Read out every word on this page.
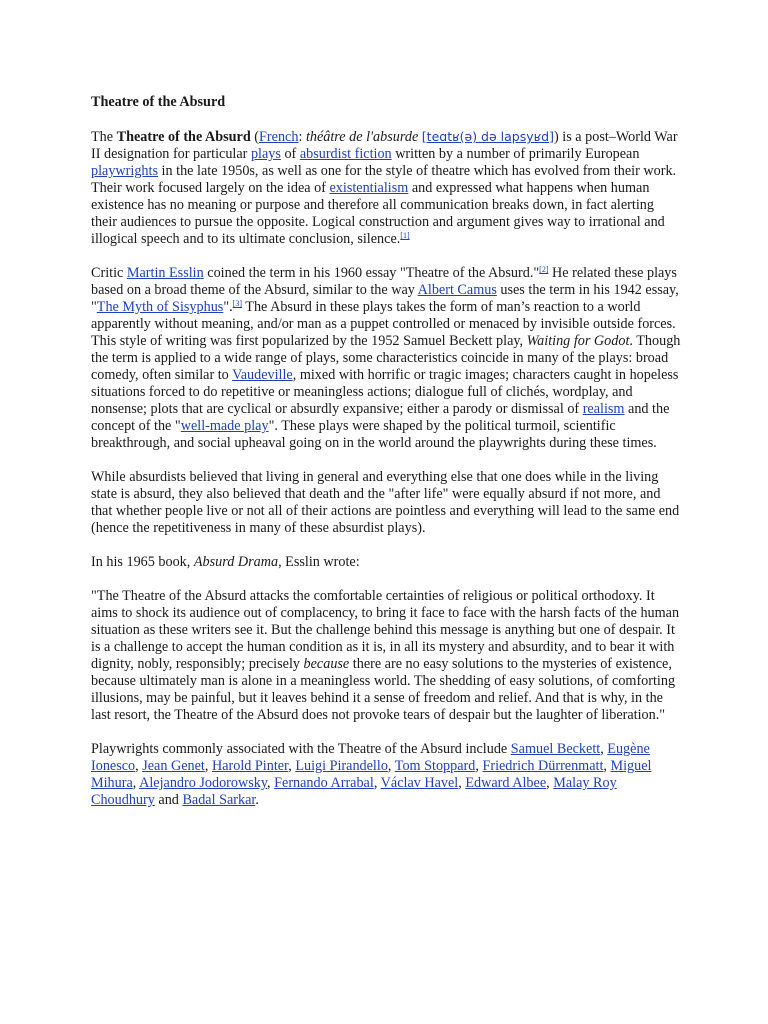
Theatre of the Absurd

The Theatre of the Absurd (French: théâtre de l'absurde [teɑtʁ(ə) də lapsyʁd]) is a post–World War II designation for particular plays of absurdist fiction written by a number of primarily European playwrights in the late 1950s, as well as one for the style of theatre which has evolved from their work. Their work focused largely on the idea of existentialism and expressed what happens when human existence has no meaning or purpose and therefore all communication breaks down, in fact alerting their audiences to pursue the opposite. Logical construction and argument gives way to irrational and illogical speech and to its ultimate conclusion, silence.[1]

Critic Martin Esslin coined the term in his 1960 essay "Theatre of the Absurd."[2] He related these plays based on a broad theme of the Absurd, similar to the way Albert Camus uses the term in his 1942 essay, "The Myth of Sisyphus".[3] The Absurd in these plays takes the form of man’s reaction to a world apparently without meaning, and/or man as a puppet controlled or menaced by invisible outside forces. This style of writing was first popularized by the 1952 Samuel Beckett play, Waiting for Godot. Though the term is applied to a wide range of plays, some characteristics coincide in many of the plays: broad comedy, often similar to Vaudeville, mixed with horrific or tragic images; characters caught in hopeless situations forced to do repetitive or meaningless actions; dialogue full of clichés, wordplay, and nonsense; plots that are cyclical or absurdly expansive; either a parody or dismissal of realism and the concept of the "well-made play". These plays were shaped by the political turmoil, scientific breakthrough, and social upheaval going on in the world around the playwrights during these times.

While absurdists believed that living in general and everything else that one does while in the living state is absurd, they also believed that death and the "after life" were equally absurd if not more, and that whether people live or not all of their actions are pointless and everything will lead to the same end (hence the repetitiveness in many of these absurdist plays).

In his 1965 book, Absurd Drama, Esslin wrote:

"The Theatre of the Absurd attacks the comfortable certainties of religious or political orthodoxy. It aims to shock its audience out of complacency, to bring it face to face with the harsh facts of the human situation as these writers see it. But the challenge behind this message is anything but one of despair. It is a challenge to accept the human condition as it is, in all its mystery and absurdity, and to bear it with dignity, nobly, responsibly; precisely because there are no easy solutions to the mysteries of existence, because ultimately man is alone in a meaningless world. The shedding of easy solutions, of comforting illusions, may be painful, but it leaves behind it a sense of freedom and relief. And that is why, in the last resort, the Theatre of the Absurd does not provoke tears of despair but the laughter of liberation."

Playwrights commonly associated with the Theatre of the Absurd include Samuel Beckett, Eugène Ionesco, Jean Genet, Harold Pinter, Luigi Pirandello, Tom Stoppard, Friedrich Dürrenmatt, Miguel Mihura, Alejandro Jodorowsky, Fernando Arrabal, Václav Havel, Edward Albee, Malay Roy Choudhury and Badal Sarkar.
